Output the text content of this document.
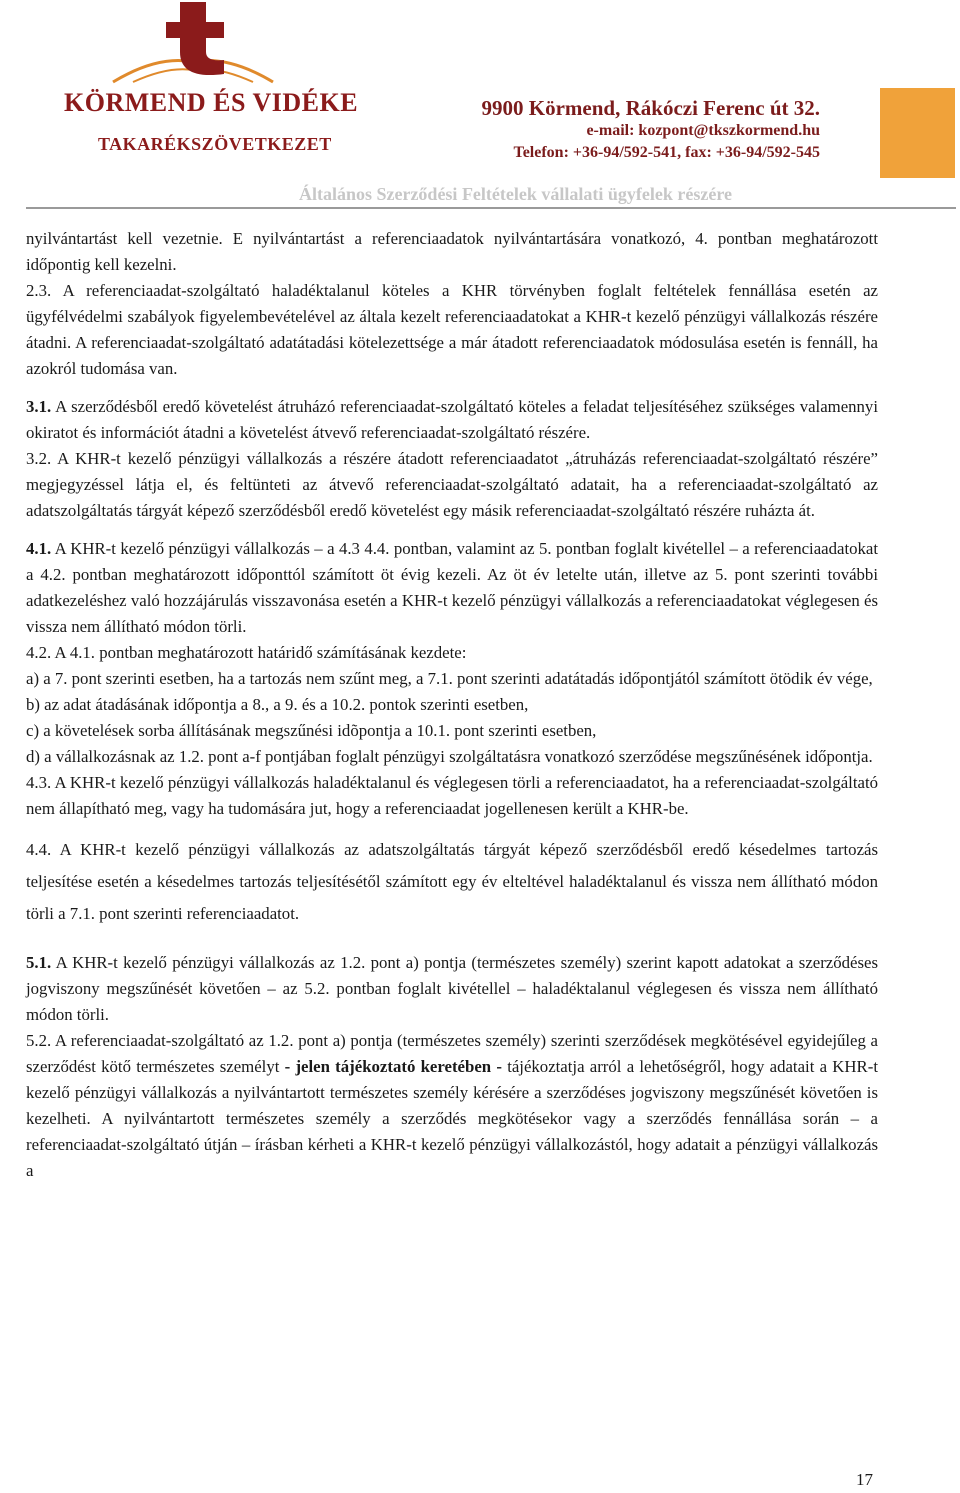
KÖRMEND ÉS VIDÉKE
TAKARÉKSZÖVETKEZET
9900 Körmend, Rákóczi Ferenc út 32.
e-mail: kozpont@tkszkormend.hu
Telefon: +36-94/592-541, fax: +36-94/592-545
Általános Szerződési Feltételek vállalati ügyfelek részére

nyilvántartást kell vezetnie. E nyilvántartást a referenciaadatok nyilvántartására vonatkozó, 4. pontban meghatározott időpontig kell kezelni.

2.3. A referenciaadat-szolgáltató haladéktalanul köteles a KHR törvényben foglalt feltételek fennállása esetén az ügyfélvédelmi szabályok figyelembevételével az általa kezelt referenciaadatokat a KHR-t kezelő pénzügyi vállalkozás részére átadni. A referenciaadat-szolgáltató adatátadási kötelezettsége a már átadott referenciaadatok módosulása esetén is fennáll, ha azokról tudomása van.

3.1. A szerződésből eredő követelést átruházó referenciaadat-szolgáltató köteles a feladat teljesítéséhez szükséges valamennyi okiratot és információt átadni a követelést átvevő referenciaadat-szolgáltató részére.

3.2. A KHR-t kezelő pénzügyi vállalkozás a részére átadott referenciaadatot „átruházás referenciaadat-szolgáltató részére” megjegyzéssel látja el, és feltünteti az átvevő referenciaadat-szolgáltató adatait, ha a referenciaadat-szolgáltató az adatszolgáltatás tárgyát képező szerződésből eredő követelést egy másik referenciaadat-szolgáltató részére ruházta át.

4.1. A KHR-t kezelő pénzügyi vállalkozás – a 4.3 4.4. pontban, valamint az 5. pontban foglalt kivétellel – a referenciaadatokat a 4.2. pontban meghatározott időponttól számított öt évig kezeli. Az öt év letelte után, illetve az 5. pont szerinti további adatkezeléshez való hozzájárulás visszavonása esetén a KHR-t kezelő pénzügyi vállalkozás a referenciaadatokat véglegesen és vissza nem állítható módon törli.

4.2. A 4.1. pontban meghatározott határidő számításának kezdete:

a) a 7. pont szerinti esetben, ha a tartozás nem szűnt meg, a 7.1. pont szerinti adatátadás időpontjától számított ötödik év vége,

b) az adat átadásának időpontja a 8., a 9. és a 10.2. pontok szerinti esetben,

c) a követelések sorba állításának megszűnési idõpontja a 10.1. pont szerinti esetben,

d) a vállalkozásnak az 1.2. pont a-f pontjában foglalt pénzügyi szolgáltatásra vonatkozó szerződése megszűnésének időpontja.

4.3. A KHR-t kezelő pénzügyi vállalkozás haladéktalanul és véglegesen törli a referenciaadatot, ha a referenciaadat-szolgáltató nem állapítható meg, vagy ha tudomására jut, hogy a referenciaadat jogellenesen került a KHR-be.

4.4. A KHR-t kezelő pénzügyi vállalkozás az adatszolgáltatás tárgyát képező szerződésből eredő késedelmes tartozás teljesítése esetén a késedelmes tartozás teljesítésétől számított egy év elteltével haladéktalanul és vissza nem állítható módon törli a 7.1. pont szerinti referenciaadatot.

5.1. A KHR-t kezelő pénzügyi vállalkozás az 1.2. pont a) pontja (természetes személy) szerint kapott adatokat a szerződéses jogviszony megszűnését követően – az 5.2. pontban foglalt kivétellel – haladéktalanul véglegesen és vissza nem állítható módon törli.

5.2. A referenciaadat-szolgáltató az 1.2. pont a) pontja (természetes személy) szerinti szerződések megkötésével egyidejűleg a szerződést kötő természetes személyt - jelen tájékoztató keretében - tájékoztatja arról a lehetőségről, hogy adatait a KHR-t kezelő pénzügyi vállalkozás a nyilvántartott természetes személy kérésére a szerződéses jogviszony megszűnését követően is kezelheti. A nyilvántartott természetes személy a szerződés megkötésekor vagy a szerződés fennállása során – a referenciaadat-szolgáltató útján – írásban kérheti a KHR-t kezelő pénzügyi vállalkozástól, hogy adatait a pénzügyi vállalkozás a

17
